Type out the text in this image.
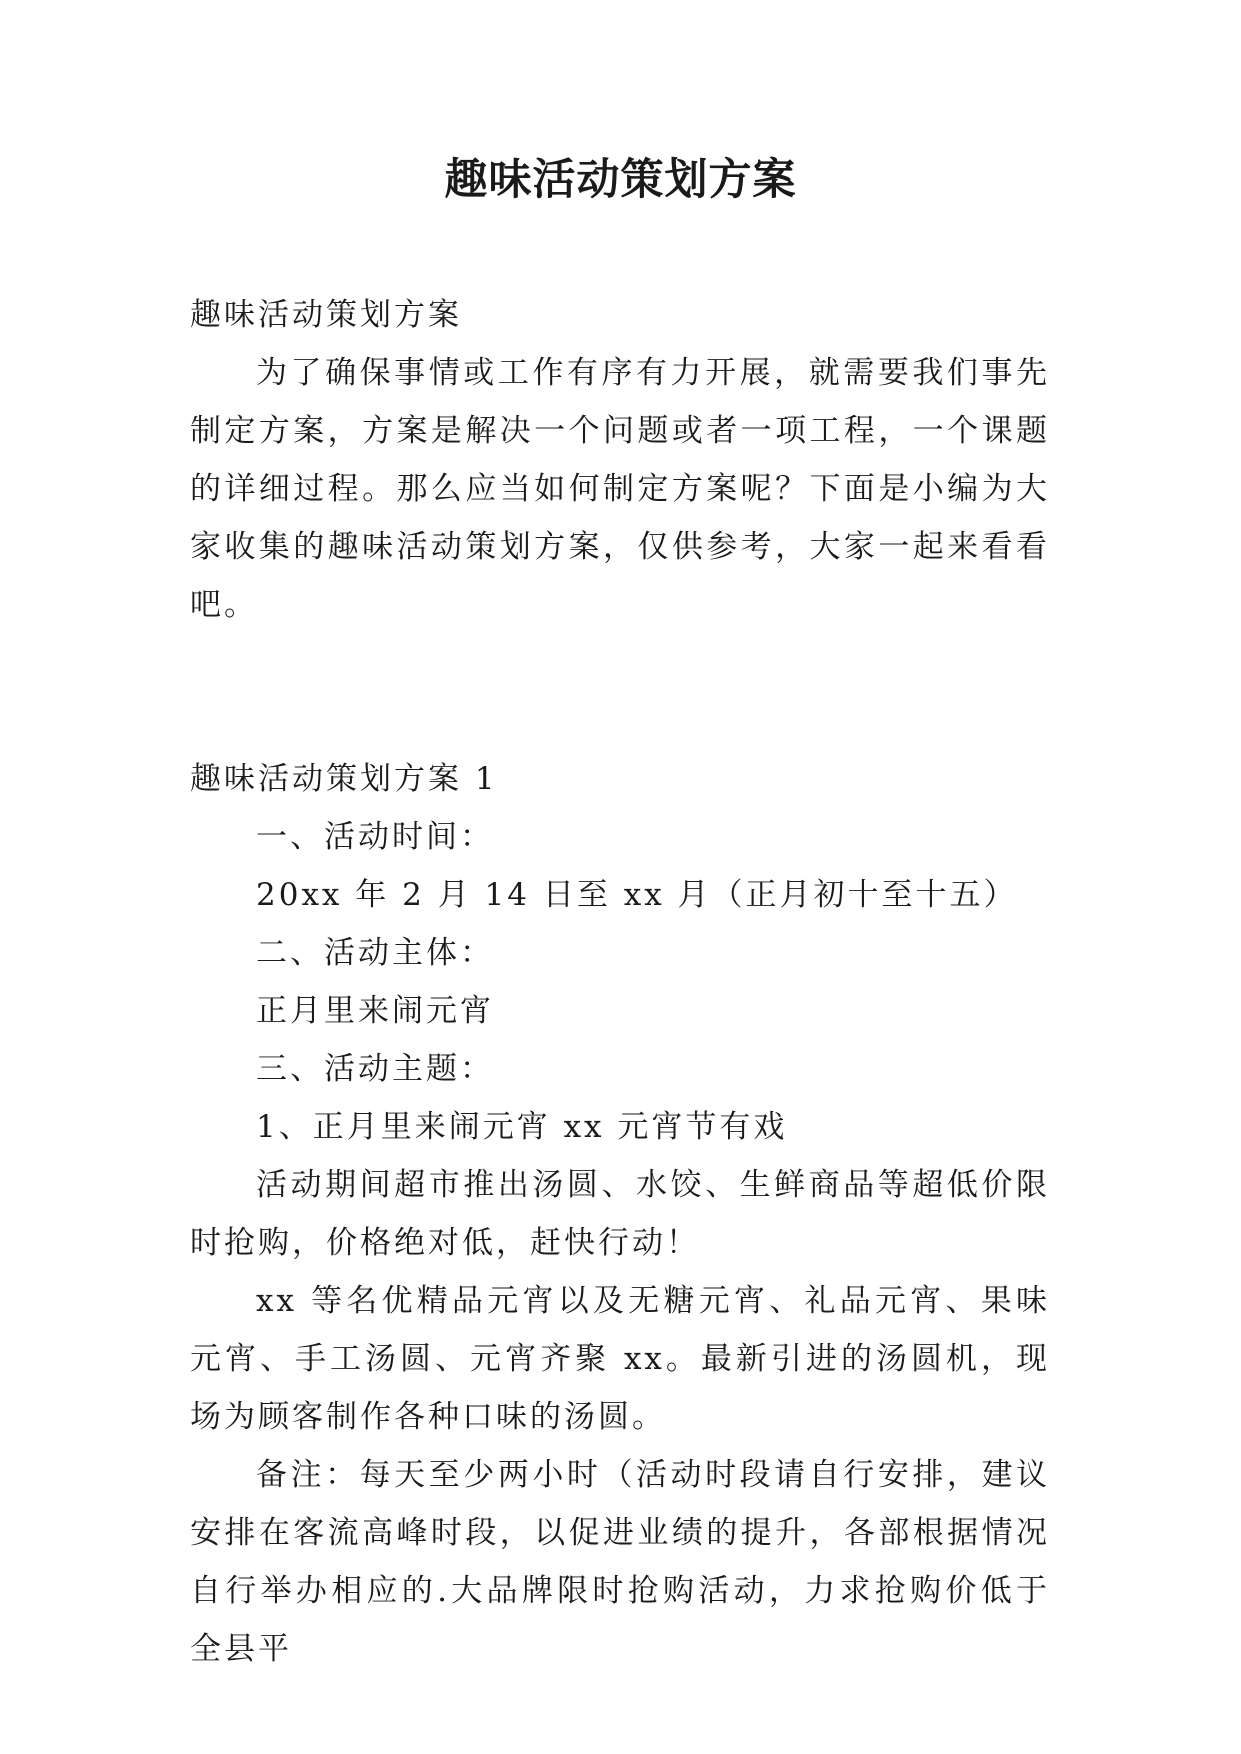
趣味活动策划方案

趣味活动策划方案

为了确保事情或工作有序有力开展，就需要我们事先制定方案，方案是解决一个问题或者一项工程，一个课题的详细过程。那么应当如何制定方案呢？下面是小编为大家收集的趣味活动策划方案，仅供参考，大家一起来看看吧。

趣味活动策划方案 1

一、活动时间：

20xx 年 2 月 14 日至 xx 月（正月初十至十五）

二、活动主体：

正月里来闹元宵

三、活动主题：

1、正月里来闹元宵 xx 元宵节有戏

活动期间超市推出汤圆、水饺、生鲜商品等超低价限时抢购，价格绝对低，赶快行动！

xx 等名优精品元宵以及无糖元宵、礼品元宵、果味元宵、手工汤圆、元宵齐聚 xx。最新引进的汤圆机，现场为顾客制作各种口味的汤圆。

备注：每天至少两小时（活动时段请自行安排，建议安排在客流高峰时段，以促进业绩的提升，各部根据情况自行举办相应的.大品牌限时抢购活动，力求抢购价低于全县平
